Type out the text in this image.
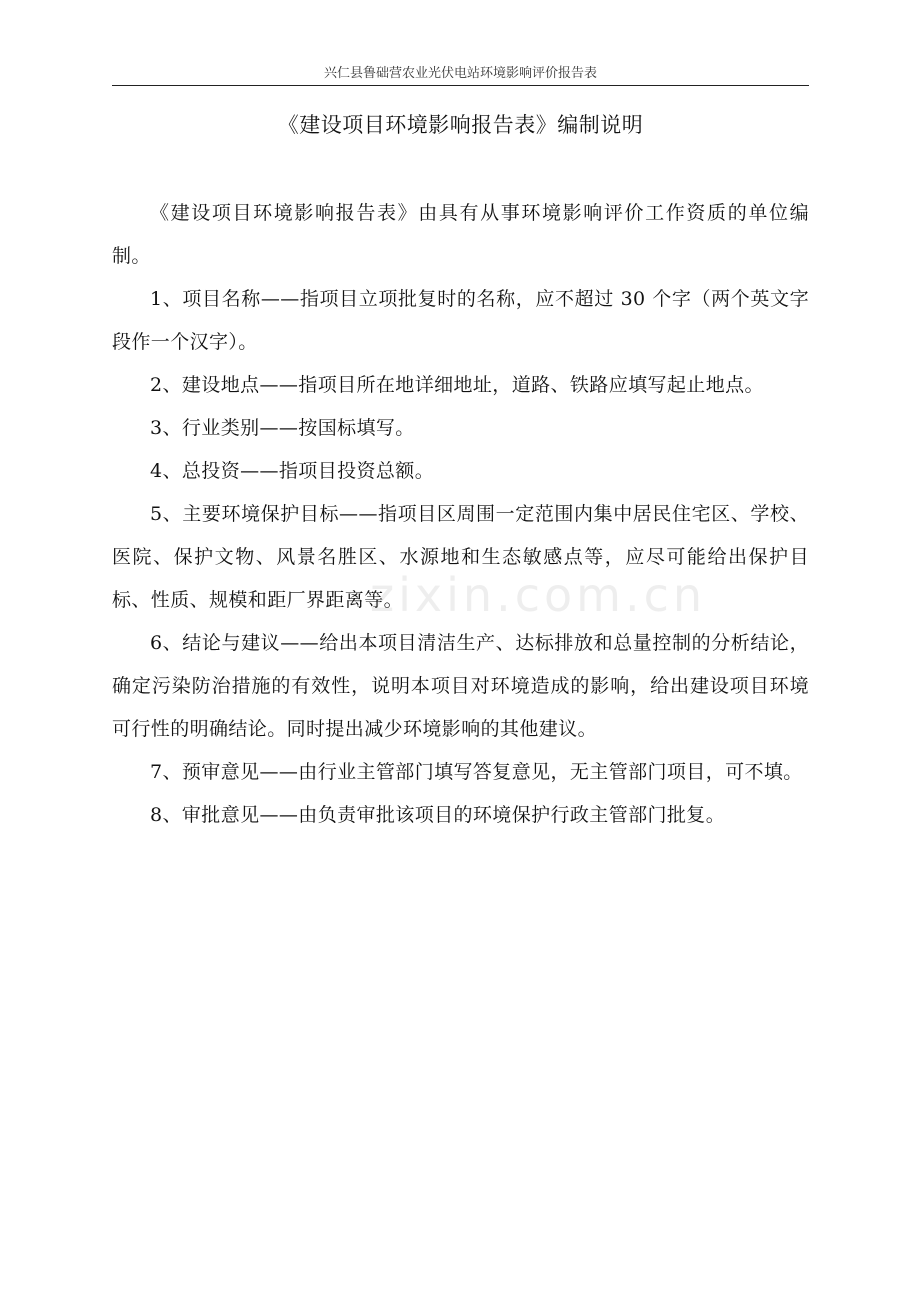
兴仁县鲁础营农业光伏电站环境影响评价报告表
《建设项目环境影响报告表》编制说明

《建设项目环境影响报告表》由具有从事环境影响评价工作资质的单位编制。

1、项目名称——指项目立项批复时的名称，应不超过 30 个字（两个英文字段作一个汉字）。

2、建设地点——指项目所在地详细地址，道路、铁路应填写起止地点。

3、行业类别——按国标填写。

4、总投资——指项目投资总额。

5、主要环境保护目标——指项目区周围一定范围内集中居民住宅区、学校、医院、保护文物、风景名胜区、水源地和生态敏感点等，应尽可能给出保护目标、性质、规模和距厂界距离等。

6、结论与建议——给出本项目清洁生产、达标排放和总量控制的分析结论，确定污染防治措施的有效性，说明本项目对环境造成的影响，给出建设项目环境可行性的明确结论。同时提出减少环境影响的其他建议。

7、预审意见——由行业主管部门填写答复意见，无主管部门项目，可不填。

8、审批意见——由负责审批该项目的环境保护行政主管部门批复。

zixin.com.cn
